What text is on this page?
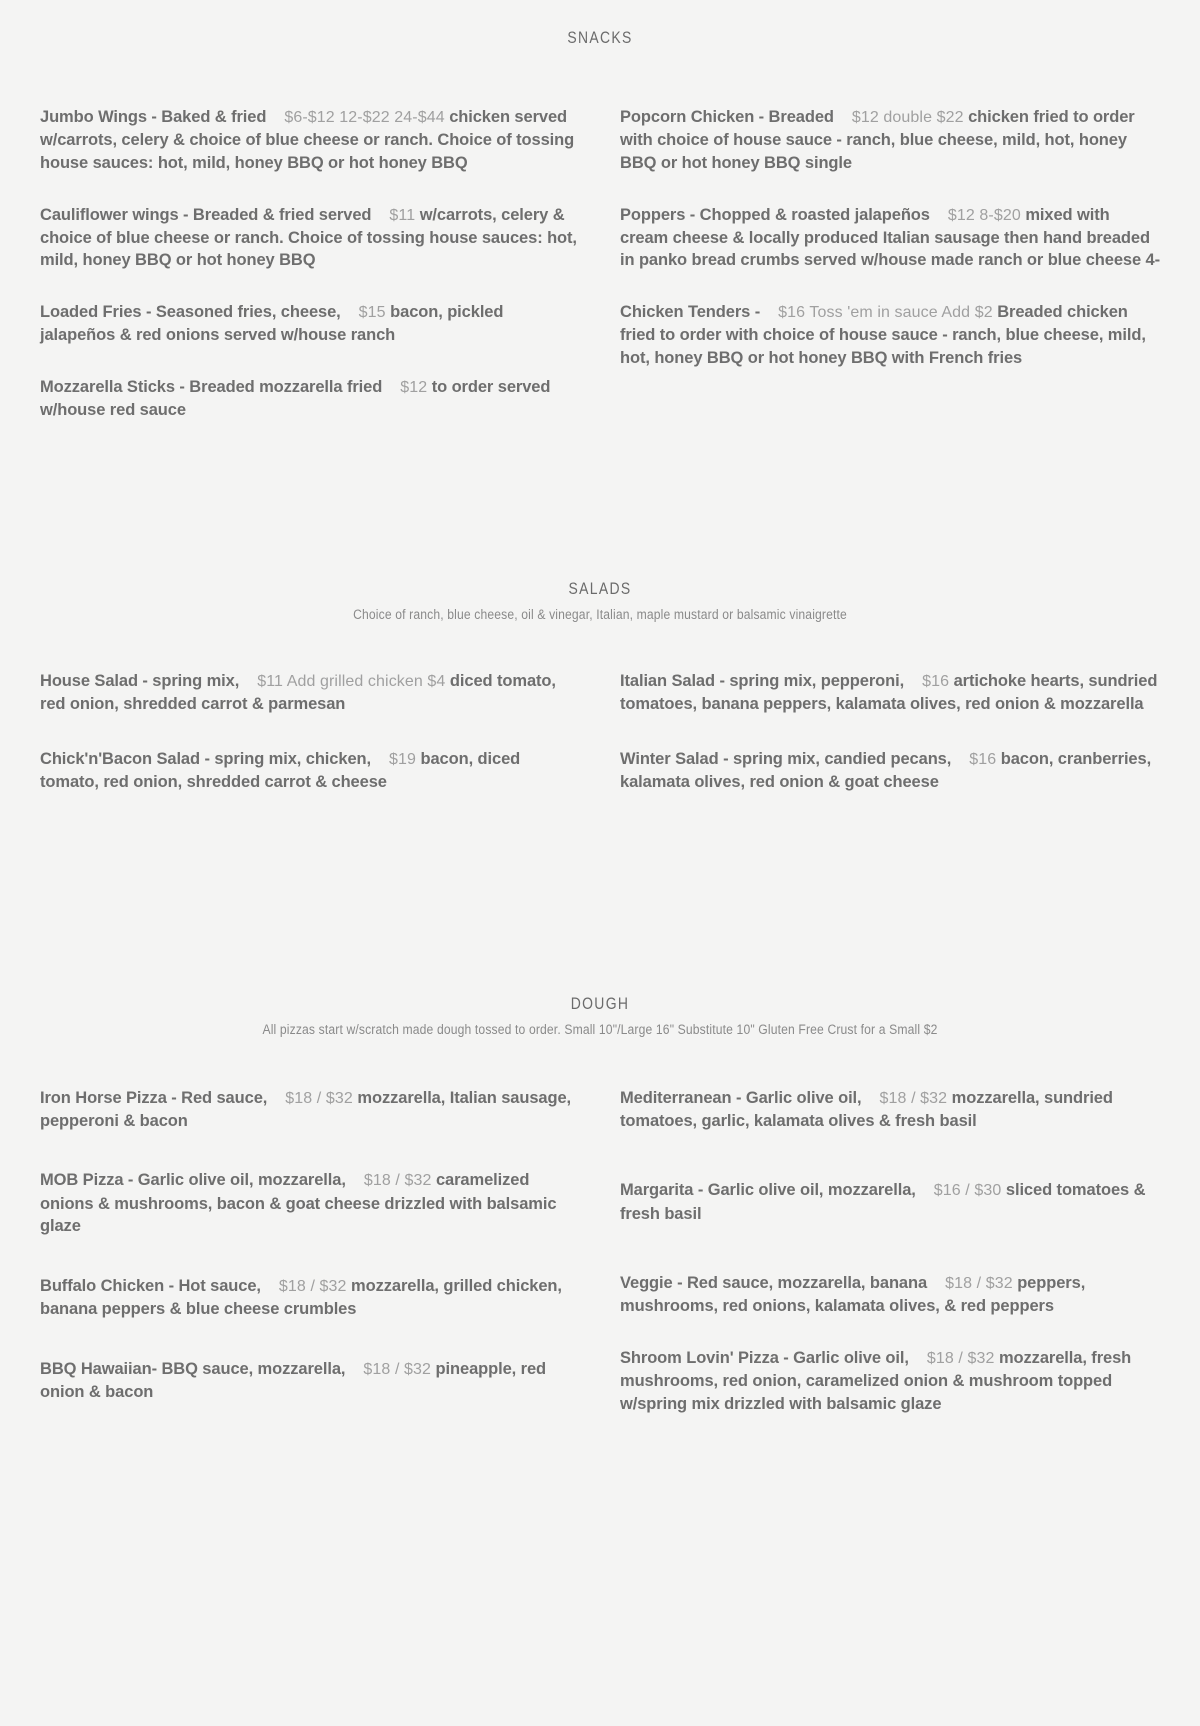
SNACKS
Jumbo Wings - Baked & fried $6-$12 12-$22 24-$44 chicken served w/carrots, celery & choice of blue cheese or ranch. Choice of tossing house sauces: hot, mild, honey BBQ or hot honey BBQ
Cauliflower wings - Breaded & fried served $11 w/carrots, celery & choice of blue cheese or ranch. Choice of tossing house sauces: hot, mild, honey BBQ or hot honey BBQ
Loaded Fries - Seasoned fries, cheese, $15 bacon, pickled jalapeños & red onions served w/house ranch
Mozzarella Sticks - Breaded mozzarella fried $12 to order served w/house red sauce
Popcorn Chicken - Breaded $12 double $22 chicken fried to order with choice of house sauce - ranch, blue cheese, mild, hot, honey BBQ or hot honey BBQ single
Poppers - Chopped & roasted jalapeños $12 8-$20 mixed with cream cheese & locally produced Italian sausage then hand breaded in panko bread crumbs served w/house made ranch or blue cheese 4-
Chicken Tenders - $16 Toss 'em in sauce Add $2 Breaded chicken fried to order with choice of house sauce - ranch, blue cheese, mild, hot, honey BBQ or hot honey BBQ with French fries
SALADS
Choice of ranch, blue cheese, oil & vinegar, Italian, maple mustard or balsamic vinaigrette
House Salad - spring mix, $11 Add grilled chicken $4 diced tomato, red onion, shredded carrot & parmesan
Chick'n'Bacon Salad - spring mix, chicken, $19 bacon, diced tomato, red onion, shredded carrot & cheese
Italian Salad - spring mix, pepperoni, $16 artichoke hearts, sundried tomatoes, banana peppers, kalamata olives, red onion & mozzarella
Winter Salad - spring mix, candied pecans, $16 bacon, cranberries, kalamata olives, red onion & goat cheese
DOUGH
All pizzas start w/scratch made dough tossed to order. Small 10"/Large 16" Substitute 10" Gluten Free Crust for a Small $2
Iron Horse Pizza - Red sauce, $18 / $32 mozzarella, Italian sausage, pepperoni & bacon
MOB Pizza - Garlic olive oil, mozzarella, $18 / $32 caramelized onions & mushrooms, bacon & goat cheese drizzled with balsamic glaze
Buffalo Chicken - Hot sauce, $18 / $32 mozzarella, grilled chicken, banana peppers & blue cheese crumbles
BBQ Hawaiian- BBQ sauce, mozzarella, $18 / $32 pineapple, red onion & bacon
Mediterranean - Garlic olive oil, $18 / $32 mozzarella, sundried tomatoes, garlic, kalamata olives & fresh basil
Margarita - Garlic olive oil, mozzarella, $16 / $30 sliced tomatoes & fresh basil
Veggie - Red sauce, mozzarella, banana $18 / $32 peppers, mushrooms, red onions, kalamata olives, & red peppers
Shroom Lovin' Pizza - Garlic olive oil, $18 / $32 mozzarella, fresh mushrooms, red onion, caramelized onion & mushroom topped w/spring mix drizzled with balsamic glaze
